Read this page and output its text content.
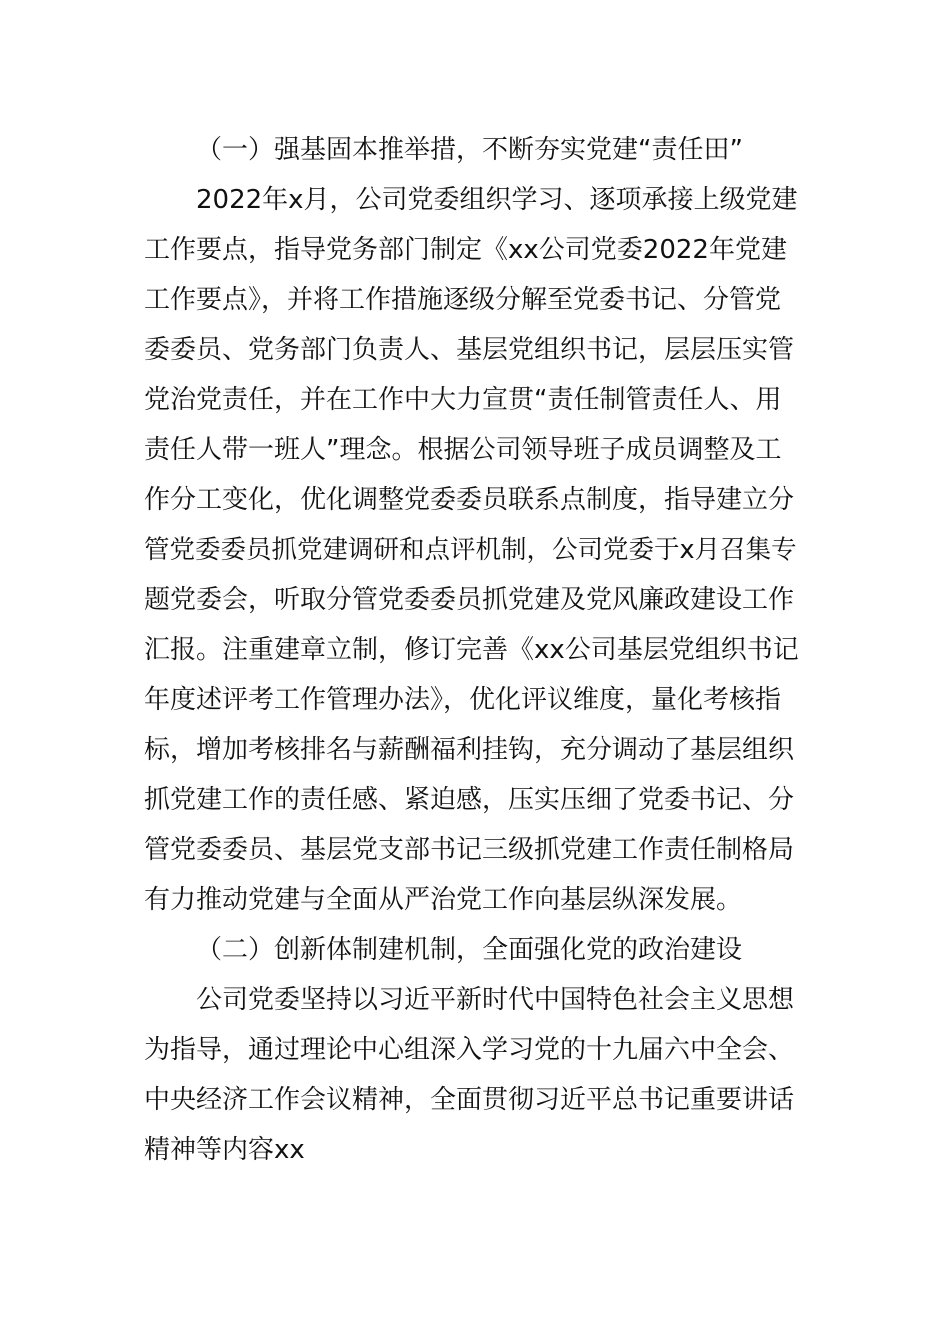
（一）强基固本推举措，不断夯实党建“责任田”
2022年x月，公司党委组织学习、逐项承接上级党建
工作要点，指导党务部门制定《xx公司党委2022年党建
工作要点》，并将工作措施逐级分解至党委书记、分管党
委委员、党务部门负责人、基层党组织书记，层层压实管
党治党责任，并在工作中大力宣贯“责任制管责任人、用
责任人带一班人”理念。根据公司领导班子成员调整及工
作分工变化，优化调整党委委员联系点制度，指导建立分
管党委委员抓党建调研和点评机制，公司党委于x月召集专
题党委会，听取分管党委委员抓党建及党风廉政建设工作
汇报。注重建章立制，修订完善《xx公司基层党组织书记
年度述评考工作管理办法》，优化评议维度，量化考核指
标，增加考核排名与薪酬福利挂钩，充分调动了基层组织
抓党建工作的责任感、紧迫感，压实压细了党委书记、分
管党委委员、基层党支部书记三级抓党建工作责任制格局
有力推动党建与全面从严治党工作向基层纵深发展。
（二）创新体制建机制，全面强化党的政治建设
公司党委坚持以习近平新时代中国特色社会主义思想
为指导，通过理论中心组深入学习党的十九届六中全会、
中央经济工作会议精神，全面贯彻习近平总书记重要讲话
精神等内容xx
